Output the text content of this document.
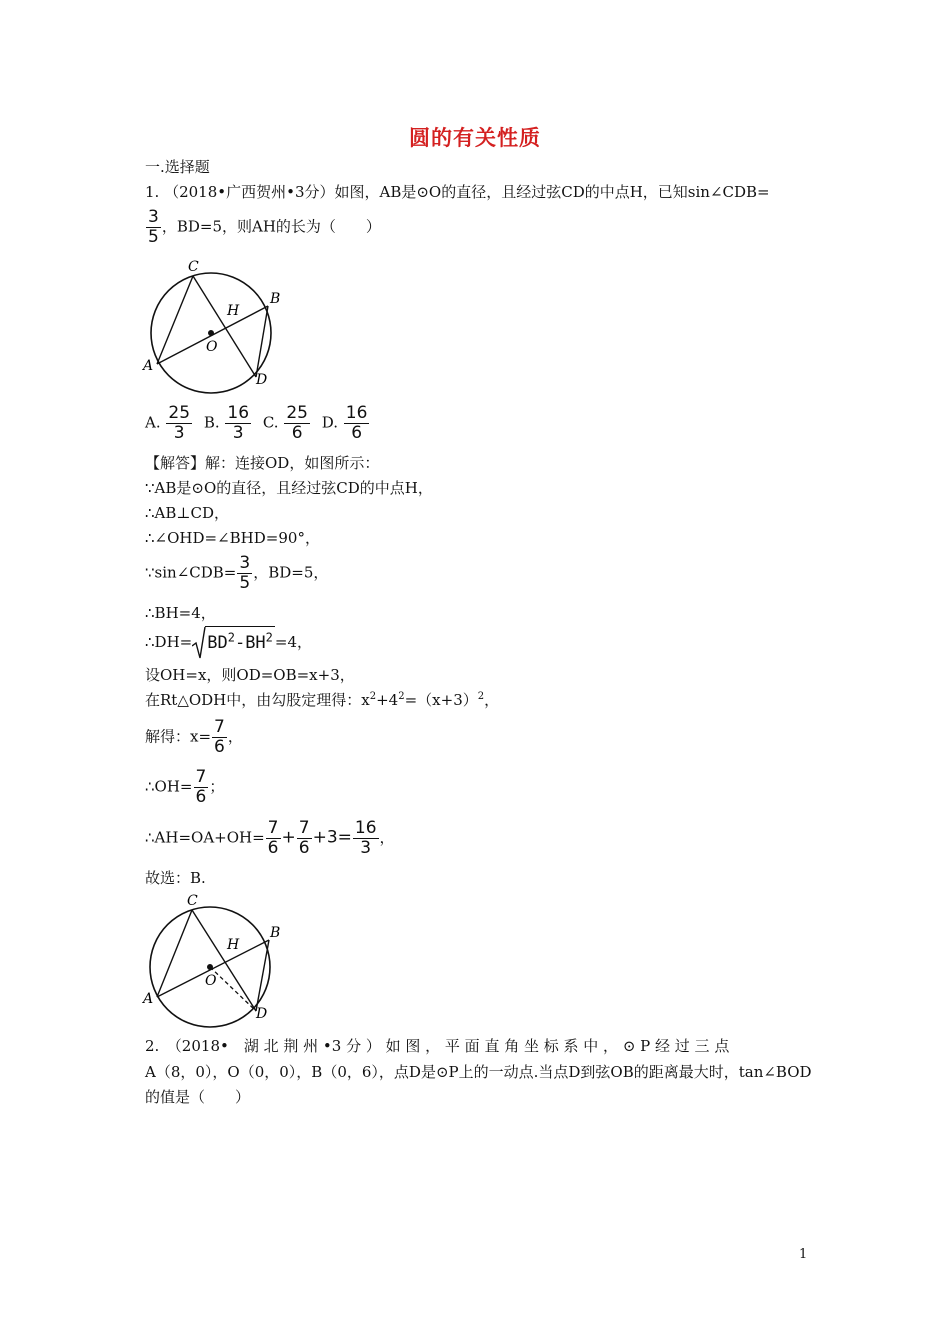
圆的有关性质
一.选择题
1. （2018•广西贺州•3分）如图，AB是⊙O的直径，且经过弦CD的中点H，已知sin∠CDB=
$\frac{3}{5}$ ，BD=5，则AH的长为（　　）
C
B
H
O
A
D
A. $\frac{25}{3} B$. $\frac{16}{3} C$. $\frac{25}{6} D$. $\frac{16}{6}$
【解答】解：连接OD，如图所示：
∵AB是⊙O的直径，且经过弦CD的中点H，
∴AB⊥CD，
∴∠OHD=∠BHD=90°，
∵sin∠CDB= $\frac{3}{5}$ ，BD=5，
∴BH=4，
∴DH= $BD^2-BH^2 =4$，
设OH=x，则OD=OB=x+3，
在Rt△ODH中，由勾股定理得：$x^2+4^2=(x+3)^2$，
解得：$x= \frac{7}{6}$ ，
∴OH= $\frac{7}{6}$ ；
∴AH=OA+OH= $\frac{7}{6} + \frac{7}{6} +3= \frac{16}{3}$ ，
故选：B.
C
B
H
O
A
D
2.　（2018•　湖 北 荆 州 •3 分 ） 如 图 ， 平 面 直 角 坐 标 系 中 ， ⊙ P 经 过 三 点
A（8，0），O（0，0），B（0，6），点D是⊙P上的一动点.当点D到弦OB的距离最大时，tan∠BOD
的值是（　　）
1
